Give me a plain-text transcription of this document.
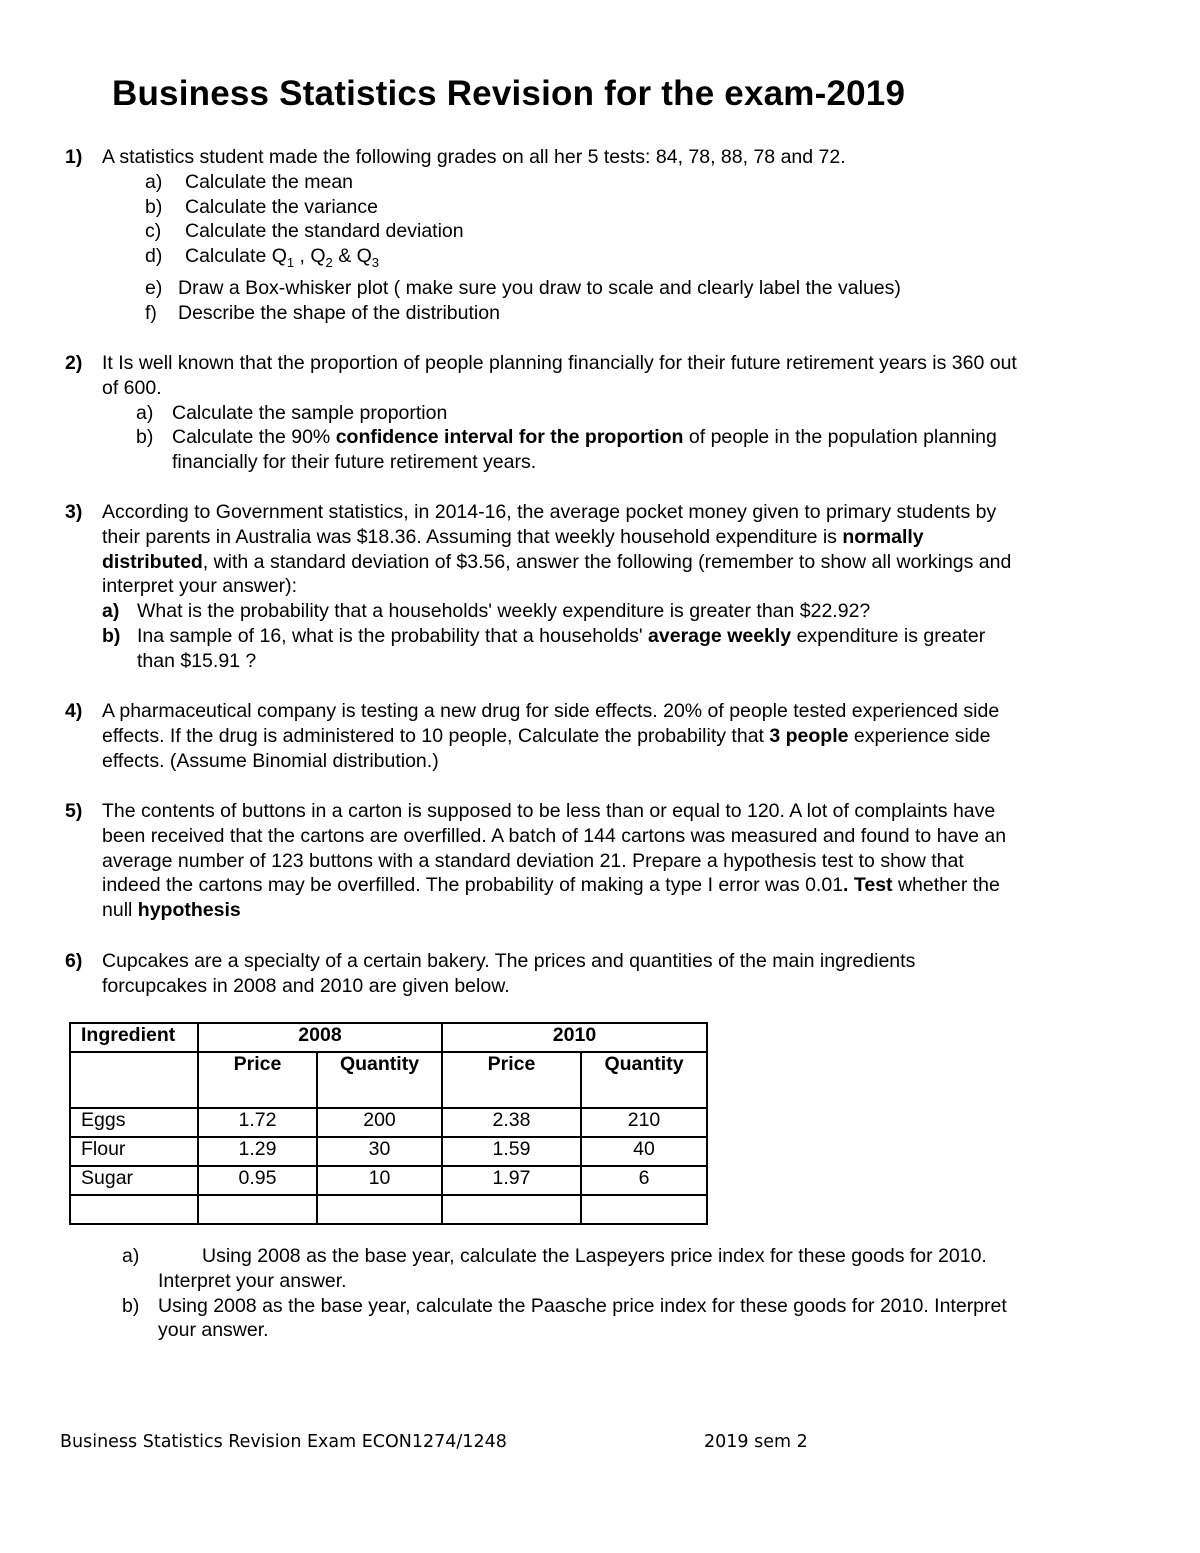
Business Statistics Revision for the exam-2019
1) A statistics student made the following grades on all her 5 tests: 84, 78, 88, 78 and 72.
a)	Calculate the mean
b)	Calculate the variance
c)	Calculate the standard deviation
d)	Calculate $Q_1$ , $Q_2$ & $Q_3$
e) Draw a Box-whisker plot ( make sure you draw to scale and clearly label the values)
f)	Describe the shape of the distribution
2) It Is well known that the proportion of people planning financially for their future retirement years is 360 out of 600.
a) Calculate the sample proportion
b) Calculate the 90% confidence interval for the proportion of people in the population planning financially for their future retirement years.
3) According to Government statistics, in 2014-16, the average pocket money given to primary students by their parents in Australia was $18.36. Assuming that weekly household expenditure is normally distributed, with a standard deviation of $3.56, answer the following (remember to show all workings and interpret your answer):
a) What is the probability that a households' weekly expenditure is greater than $22.92?
b) Ina sample of 16, what is the probability that a households' average weekly expenditure is greater than $15.91 ?
4) A pharmaceutical company is testing a new drug for side effects. 20% of people tested experienced side effects. If the drug is administered to 10 people, Calculate the probability that 3 people experience side effects. (Assume Binomial distribution.)
5) The contents of buttons in a carton is supposed to be less than or equal to 120. A lot of complaints have been received that the cartons are overfilled. A batch of 144 cartons was measured and found to have an average number of 123 buttons with a standard deviation 21. Prepare a hypothesis test to show that indeed the cartons may be overfilled. The probability of making a type I error was 0.01. Test whether the null hypothesis
6) Cupcakes are a specialty of a certain bakery. The prices and quantities of the main ingredients forcupcakes in 2008 and 2010 are given below.
Ingredient	2008		2010	
	Price	Quantity	Price	Quantity
Eggs	1.72	200	2.38	210
Flour	1.29	30	1.59	40
Sugar	0.95	10	1.97	6

a)	Using 2008 as the base year, calculate the Laspeyers price index for these goods for 2010. Interpret your answer.
b) Using 2008 as the base year, calculate the Paasche price index for these goods for 2010. Interpret your answer.
Business Statistics Revision Exam ECON1274/1248	2019 sem 2
